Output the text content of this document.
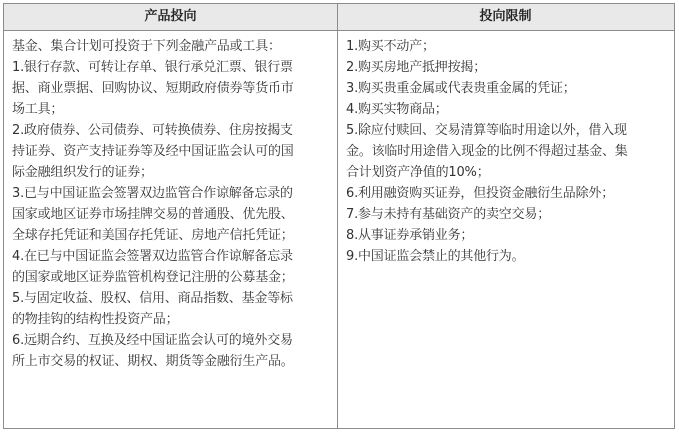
产品投向	投向限制
基金、集合计划可投资于下列金融产品或工具：
1.银行存款、可转让存单、银行承兑汇票、银行票
据、商业票据、回购协议、短期政府债券等货币市
场工具；
2.政府债券、公司债券、可转换债券、住房按揭支
持证券、资产支持证券等及经中国证监会认可的国
际金融组织发行的证券；
3.已与中国证监会签署双边监管合作谅解备忘录的
国家或地区证券市场挂牌交易的普通股、优先股、
全球存托凭证和美国存托凭证、房地产信托凭证；
4.在已与中国证监会签署双边监管合作谅解备忘录
的国家或地区证券监管机构登记注册的公募基金；
5.与固定收益、股权、信用、商品指数、基金等标
的物挂钩的结构性投资产品；
6.远期合约、互换及经中国证监会认可的境外交易
所上市交易的权证、期权、期货等金融衍生产品。
1.购买不动产；
2.购买房地产抵押按揭；
3.购买贵重金属或代表贵重金属的凭证；
4.购买实物商品；
5.除应付赎回、交易清算等临时用途以外，借入现
金。该临时用途借入现金的比例不得超过基金、集
合计划资产净值的10%；
6.利用融资购买证券，但投资金融衍生品除外；
7.参与未持有基础资产的卖空交易；
8.从事证券承销业务；
9.中国证监会禁止的其他行为。
